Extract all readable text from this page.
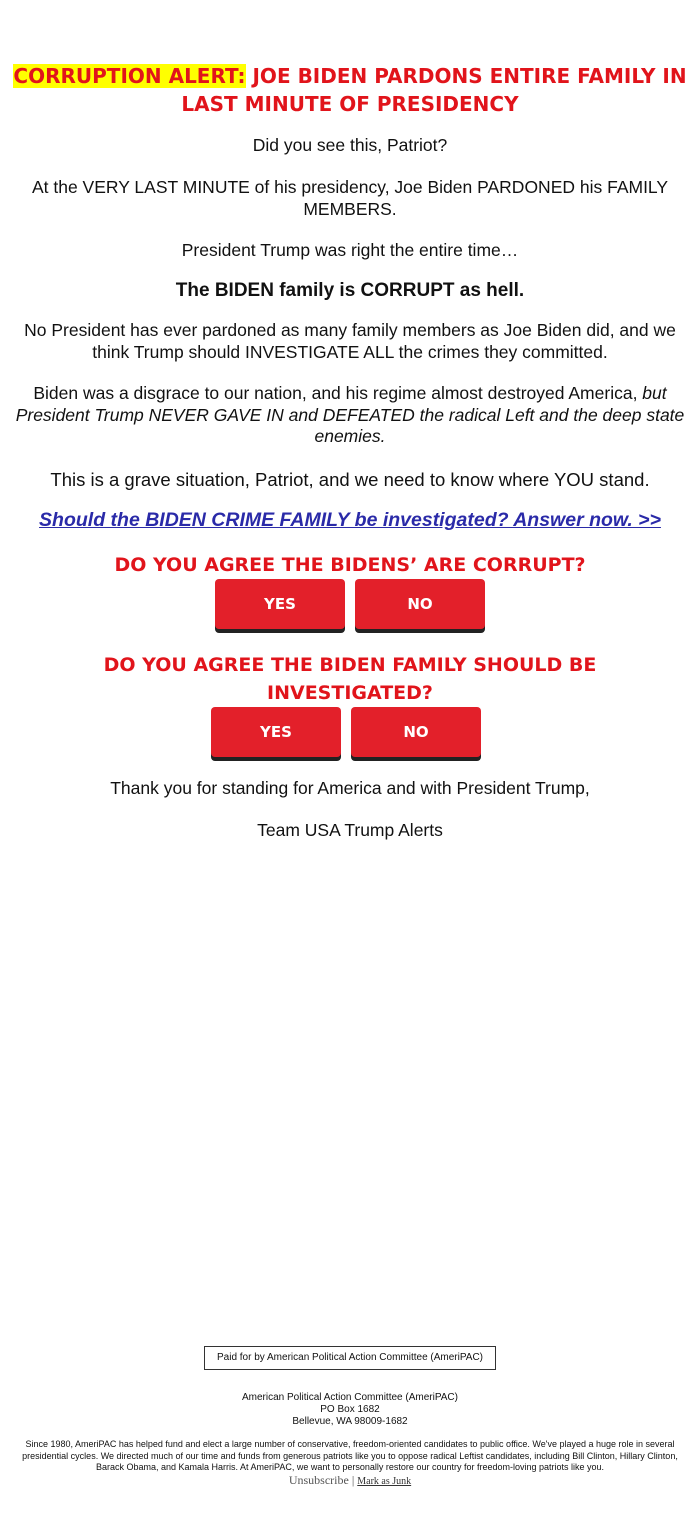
CORRUPTION ALERT: JOE BIDEN PARDONS ENTIRE FAMILY IN LAST MINUTE OF PRESIDENCY
Did you see this, Patriot?
At the VERY LAST MINUTE of his presidency, Joe Biden PARDONED his FAMILY MEMBERS.
President Trump was right the entire time…
The BIDEN family is CORRUPT as hell.
No President has ever pardoned as many family members as Joe Biden did, and we think Trump should INVESTIGATE ALL the crimes they committed.
Biden was a disgrace to our nation, and his regime almost destroyed America, but President Trump NEVER GAVE IN and DEFEATED the radical Left and the deep state enemies.
This is a grave situation, Patriot, and we need to know where YOU stand.
Should the BIDEN CRIME FAMILY be investigated? Answer now. >>
DO YOU AGREE THE BIDENS’ ARE CORRUPT?
YES	NO
DO YOU AGREE THE BIDEN FAMILY SHOULD BE INVESTIGATED?
YES	NO
Thank you for standing for America and with President Trump,
Team USA Trump Alerts
Paid for by American Political Action Committee (AmeriPAC)
American Political Action Committee (AmeriPAC)
PO Box 1682
Bellevue, WA 98009-1682
Since 1980, AmeriPAC has helped fund and elect a large number of conservative, freedom-oriented candidates to public office. We've played a huge role in several presidential cycles. We directed much of our time and funds from generous patriots like you to oppose radical Leftist candidates, including Bill Clinton, Hillary Clinton, Barack Obama, and Kamala Harris. At AmeriPAC, we want to personally restore our country for freedom-loving patriots like you.
Unsubscribe | Mark as Junk
